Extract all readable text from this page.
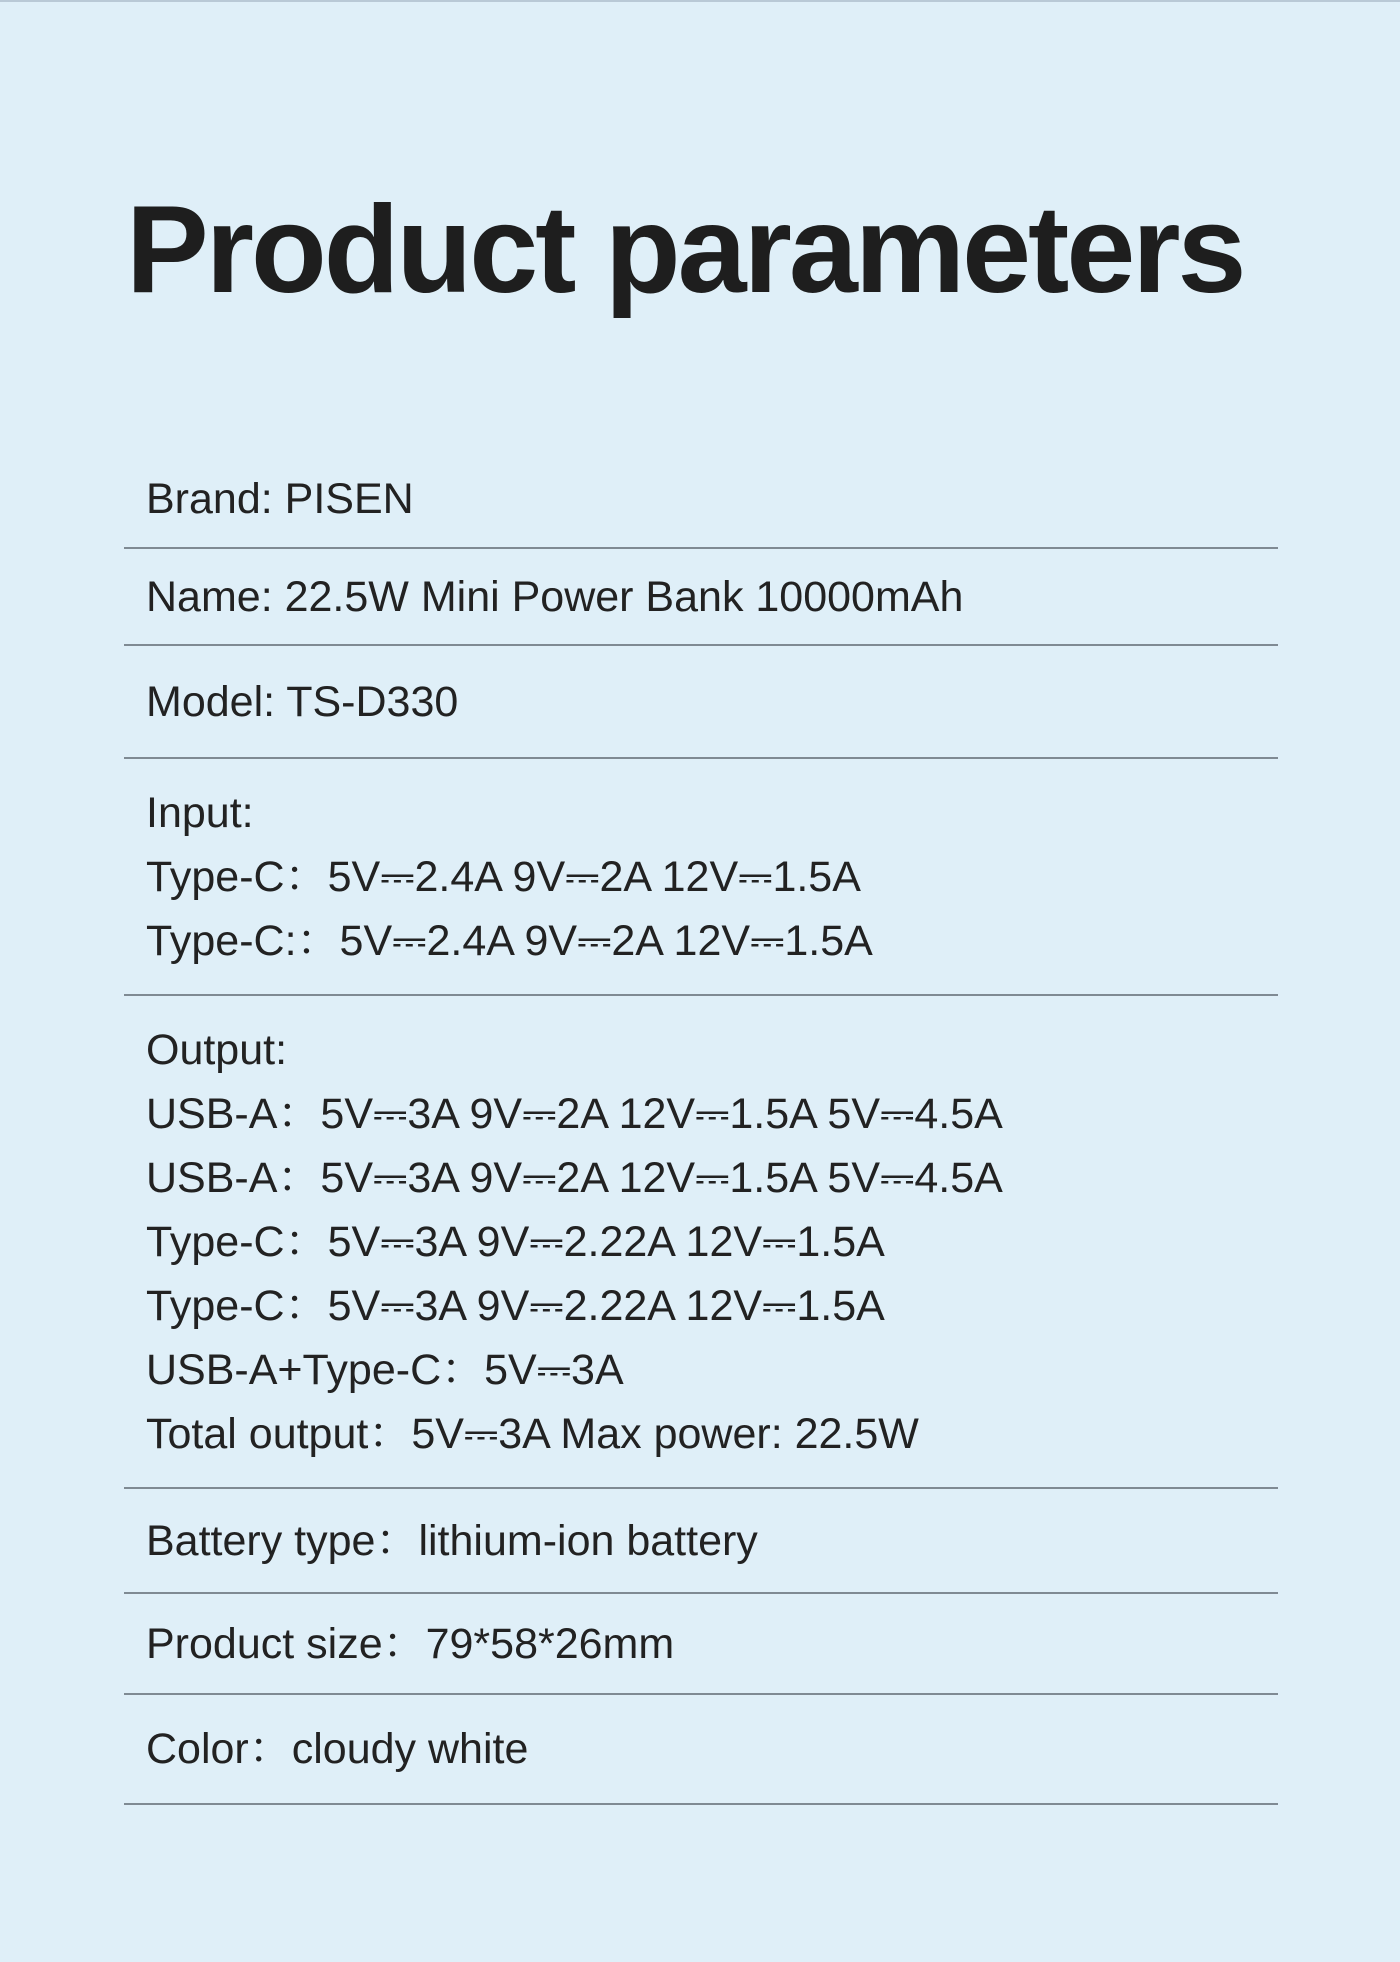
Product parameters
Brand: PISEN
Name: 22.5W Mini Power Bank 10000mAh
Model: TS-D330
Input:
Type-C：5V⎓2.4A 9V⎓2A 12V⎓1.5A
Type-C:：5V⎓2.4A 9V⎓2A 12V⎓1.5A
Output:
USB-A：5V⎓3A 9V⎓2A 12V⎓1.5A 5V⎓4.5A
USB-A：5V⎓3A 9V⎓2A 12V⎓1.5A 5V⎓4.5A
Type-C：5V⎓3A 9V⎓2.22A 12V⎓1.5A
Type-C：5V⎓3A 9V⎓2.22A 12V⎓1.5A
USB-A+Type-C：5V⎓3A
Total output：5V⎓3A Max power: 22.5W
Battery type：lithium-ion battery
Product size：79*58*26mm
Color：cloudy white
